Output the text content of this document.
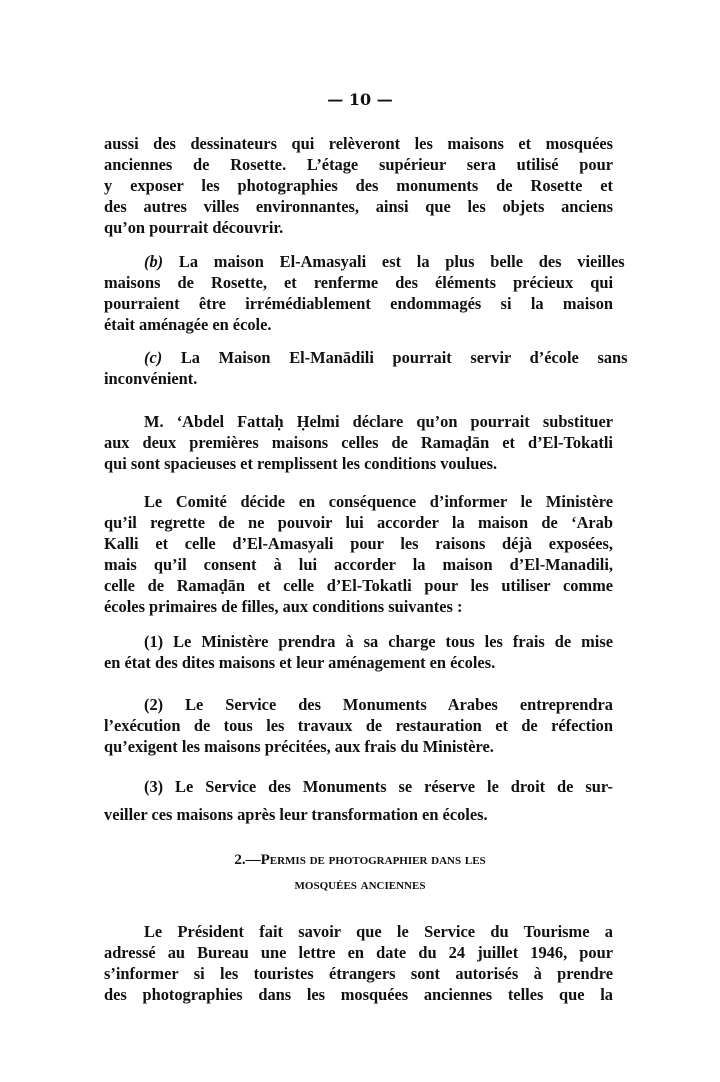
— 10 —
aussi des dessinateurs qui relèveront les maisons et mosquées
anciennes de Rosette. L’étage supérieur sera utilisé pour
y exposer les photographies des monuments de Rosette et
des autres villes environnantes, ainsi que les objets anciens
qu’on pourrait découvrir.
(b) La maison El-Amasyali est la plus belle des vieilles
maisons de Rosette, et renferme des éléments précieux qui
pourraient être irrémédiablement endommagés si la maison
était aménagée en école.
(c) La Maison El-Manādili pourrait servir d’école sans
inconvénient.
M. ‘Abdel Fattaḥ Ḥelmi déclare qu’on pourrait substituer
aux deux premières maisons celles de Ramaḍān et d’El-Tokatli
qui sont spacieuses et remplissent les conditions voulues.
Le Comité décide en conséquence d’informer le Ministère
qu’il regrette de ne pouvoir lui accorder la maison de ‘Arab
Kalli et celle d’El-Amasyali pour les raisons déjà exposées,
mais qu’il consent à lui accorder la maison d’El-Manadili,
celle de Ramaḍān et celle d’El-Tokatli pour les utiliser comme
écoles primaires de filles, aux conditions suivantes :
(1) Le Ministère prendra à sa charge tous les frais de mise
en état des dites maisons et leur aménagement en écoles.
(2) Le Service des Monuments Arabes entreprendra
l’exécution de tous les travaux de restauration et de réfection
qu’exigent les maisons précitées, aux frais du Ministère.
(3) Le Service des Monuments se réserve le droit de sur-
veiller ces maisons après leur transformation en écoles.
2.—Permis de photographier dans les
mosquées anciennes
Le Président fait savoir que le Service du Tourisme a
adressé au Bureau une lettre en date du 24 juillet 1946, pour
s’informer si les touristes étrangers sont autorisés à prendre
des photographies dans les mosquées anciennes telles que la
